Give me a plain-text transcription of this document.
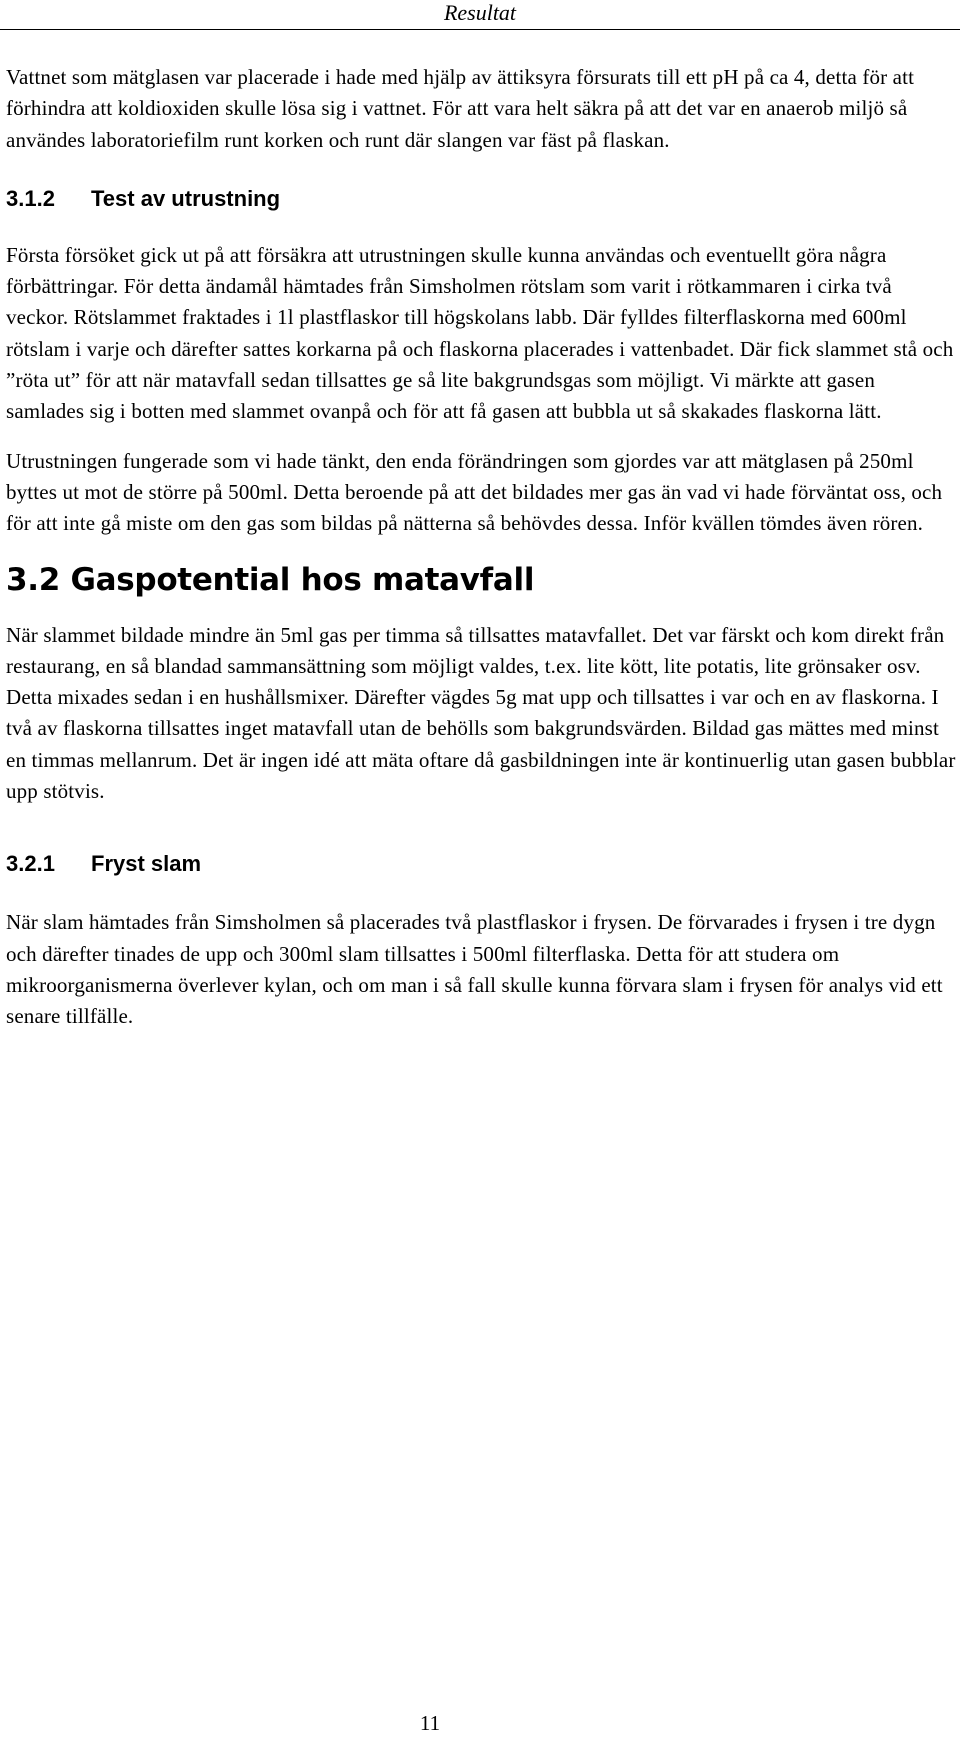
Resultat

Vattnet som mätglasen var placerade i hade med hjälp av ättiksyra försurats till ett pH på ca 4, detta för att förhindra att koldioxiden skulle lösa sig i vattnet. För att vara helt säkra på att det var en anaerob miljö så användes laboratoriefilm runt korken och runt där slangen var fäst på flaskan.

3.1.2	Test av utrustning

Första försöket gick ut på att försäkra att utrustningen skulle kunna användas och eventuellt göra några förbättringar. För detta ändamål hämtades från Simsholmen rötslam som varit i rötkammaren i cirka två veckor. Rötslammet fraktades i 1l plastflaskor till högskolans labb. Där fylldes filterflaskorna med 600ml rötslam i varje och därefter sattes korkarna på och flaskorna placerades i vattenbadet. Där fick slammet stå och ”röta ut” för att när matavfall sedan tillsattes ge så lite bakgrundsgas som möjligt. Vi märkte att gasen samlades sig i botten med slammet ovanpå och för att få gasen att bubbla ut så skakades flaskorna lätt.

Utrustningen fungerade som vi hade tänkt, den enda förändringen som gjordes var att mätglasen på 250ml byttes ut mot de större på 500ml. Detta beroende på att det bildades mer gas än vad vi hade förväntat oss, och för att inte gå miste om den gas som bildas på nätterna så behövdes dessa. Inför kvällen tömdes även rören.

3.2 Gaspotential hos matavfall

När slammet bildade mindre än 5ml gas per timma så tillsattes matavfallet. Det var färskt och kom direkt från restaurang, en så blandad sammansättning som möjligt valdes, t.ex. lite kött, lite potatis, lite grönsaker osv. Detta mixades sedan i en hushållsmixer. Därefter vägdes 5g mat upp och tillsattes i var och en av flaskorna. I två av flaskorna tillsattes inget matavfall utan de behölls som bakgrundsvärden. Bildad gas mättes med minst en timmas mellanrum. Det är ingen idé att mäta oftare då gasbildningen inte är kontinuerlig utan gasen bubblar upp stötvis.

3.2.1	Fryst slam

När slam hämtades från Simsholmen så placerades två plastflaskor i frysen. De förvarades i frysen i tre dygn och därefter tinades de upp och 300ml slam tillsattes i 500ml filterflaska. Detta för att studera om mikroorganismerna överlever kylan, och om man i så fall skulle kunna förvara slam i frysen för analys vid ett senare tillfälle.

11
